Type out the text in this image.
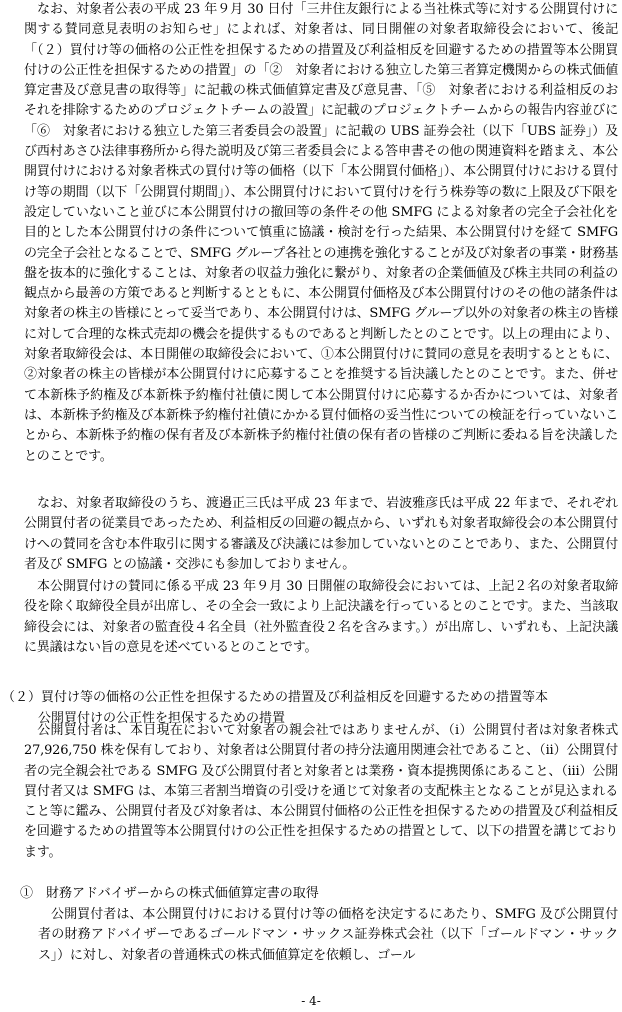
　なお、対象者公表の平成 23 年９月 30 日付「三井住友銀行による当社株式等に対する公開買付けに関する賛同意見表明のお知らせ」によれば、対象者は、同日開催の対象者取締役会において、後記「（２）買付け等の価格の公正性を担保するための措置及び利益相反を回避するための措置等本公開買付けの公正性を担保するための措置」の「②　対象者における独立した第三者算定機関からの株式価値算定書及び意見書の取得等」に記載の株式価値算定書及び意見書、「⑤　対象者における利益相反のおそれを排除するためのプロジェクトチームの設置」に記載のプロジェクトチームからの報告内容並びに「⑥　対象者における独立した第三者委員会の設置」に記載の UBS 証券会社（以下「UBS 証券」）及び西村あさひ法律事務所から得た説明及び第三者委員会による答申書その他の関連資料を踏まえ、本公開買付けにおける対象者株式の買付け等の価格（以下「本公開買付価格」）、本公開買付けにおける買付け等の期間（以下「公開買付期間」）、本公開買付けにおいて買付けを行う株券等の数に上限及び下限を設定していないこと並びに本公開買付けの撤回等の条件その他 SMFG による対象者の完全子会社化を目的とした本公開買付けの条件について慎重に協議・検討を行った結果、本公開買付けを経て SMFG の完全子会社となることで、SMFG グループ各社との連携を強化することが及び対象者の事業・財務基盤を抜本的に強化することは、対象者の収益力強化に繋がり、対象者の企業価値及び株主共同の利益の観点から最善の方策であると判断するとともに、本公開買付価格及び本公開買付けのその他の諸条件は対象者の株主の皆様にとって妥当であり、本公開買付けは、SMFG グループ以外の対象者の株主の皆様に対して合理的な株式売却の機会を提供するものであると判断したとのことです。以上の理由により、対象者取締役会は、本日開催の取締役会において、①本公開買付けに賛同の意見を表明するとともに、②対象者の株主の皆様が本公開買付けに応募することを推奨する旨決議したとのことです。また、併せて本新株予約権及び本新株予約権付社債に関して本公開買付けに応募するか否かについては、対象者は、本新株予約権及び本新株予約権付社債にかかる買付価格の妥当性についての検証を行っていないことから、本新株予約権の保有者及び本新株予約権付社債の保有者の皆様のご判断に委ねる旨を決議したとのことです。

　なお、対象者取締役のうち、渡邉正三氏は平成 23 年まで、岩波雅彦氏は平成 22 年まで、それぞれ公開買付者の従業員であったため、利益相反の回避の観点から、いずれも対象者取締役会の本公開買付けへの賛同を含む本件取引に関する審議及び決議には参加していないとのことであり、また、公開買付者及び SMFG との協議・交渉にも参加しておりません。

　本公開買付けの賛同に係る平成 23 年９月 30 日開催の取締役会においては、上記２名の対象者取締役を除く取締役全員が出席し、その全会一致により上記決議を行っているとのことです。また、当該取締役会には、対象者の監査役４名全員（社外監査役２名を含みます。）が出席し、いずれも、上記決議に異議はない旨の意見を述べているとのことです。

（２）買付け等の価格の公正性を担保するための措置及び利益相反を回避するための措置等本
公開買付けの公正性を担保するための措置

　公開買付者は、本日現在において対象者の親会社ではありませんが、（i）公開買付者は対象者株式 27,926,750 株を保有しており、対象者は公開買付者の持分法適用関連会社であること、（ii）公開買付者の完全親会社である SMFG 及び公開買付者と対象者とは業務・資本提携関係にあること、（iii）公開買付者又は SMFG は、本第三者割当増資の引受けを通じて対象者の支配株主となることが見込まれること等に鑑み、公開買付者及び対象者は、本公開買付価格の公正性を担保するための措置及び利益相反を回避するための措置等本公開買付けの公正性を担保するための措置として、以下の措置を講じております。

①　財務アドバイザーからの株式価値算定書の取得

　公開買付者は、本公開買付けにおける買付け等の価格を決定するにあたり、SMFG 及び公開買付者の財務アドバイザーであるゴールドマン・サックス証券株式会社（以下「ゴールドマン・サックス」）に対し、対象者の普通株式の株式価値算定を依頼し、ゴール

- 4-
